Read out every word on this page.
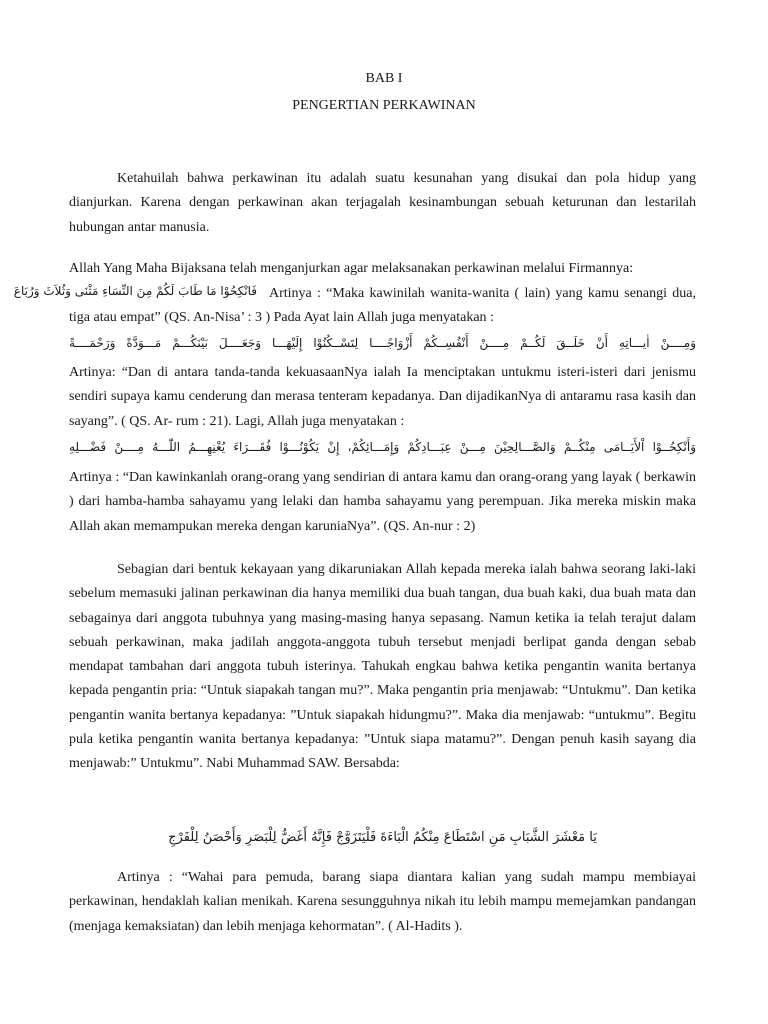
BAB I
PENGERTIAN PERKAWINAN
Ketahuilah bahwa perkawinan itu adalah suatu kesunahan yang disukai dan pola hidup yang dianjurkan. Karena dengan perkawinan akan terjagalah kesinambungan sebuah keturunan dan lestarilah hubungan antar manusia.
Allah Yang Maha Bijaksana telah menganjurkan agar melaksanakan perkawinan melalui Firmannya:
Artinya : “Maka kawinilah wanita-wanita ( lain) yang kamu senangi dua, tiga atau empat” (QS. An-Nisa’ : 3 ) Pada Ayat lain Allah juga menyatakan :
فَانْكِحُوْا مَا طَابَ لَكُمْ مِنَ النِّسَاءِ مَثْنَى وَثُلاَثَ وَرُبَاعَ
وَمِــــنْ اٰيـــاتِهِ أَنْ خَلَــقَ لَكُــمْ مِــــنْ أَنْفُسِــكُمْ أَزْوَاجًــــا لِتَسْــكُنُوْا إِلَيْهَـــا وَجَعَــــلَ بَيْنَكُـــمْ مَـــوَدَّةً وَرَحْمَــــةً
Artinya: “Dan di antara tanda-tanda kekuasaanNya ialah Ia menciptakan untukmu isteri-isteri dari jenismu sendiri supaya kamu cenderung dan merasa tenteram kepadanya. Dan dijadikanNya di antaramu rasa kasih dan sayang”. ( QS. Ar- rum : 21). Lagi, Allah juga menyatakan :
وَأَنْكِحُــوْا اْلأَيَــامَى مِنْكُــمْ وَالصَّـــالِحِيْنَ مِـــنْ عِبَـــادِكُمْ وَإِمَـــائِكُمْ، إِنْ يَكُوْنُـــوْا فُقَـــرَاءَ يُغْنِهِـــمُ اللّٰـــهُ مِــــنْ فَضْـــلِهِ
Artinya : “Dan kawinkanlah orang-orang yang sendirian di antara kamu dan orang-orang yang layak ( berkawin ) dari hamba-hamba sahayamu yang lelaki dan hamba sahayamu yang perempuan. Jika mereka miskin maka Allah akan memampukan mereka dengan karuniaNya”. (QS. An-nur : 2)
Sebagian dari bentuk kekayaan yang dikaruniakan Allah kepada mereka ialah bahwa seorang laki-laki sebelum memasuki jalinan perkawinan dia hanya memiliki dua buah tangan, dua buah kaki, dua buah mata dan sebagainya dari anggota tubuhnya yang masing-masing hanya sepasang. Namun ketika ia telah terajut dalam sebuah perkawinan, maka jadilah anggota-anggota tubuh tersebut menjadi berlipat ganda dengan sebab mendapat tambahan dari anggota tubuh isterinya. Tahukah engkau bahwa ketika pengantin wanita bertanya kepada pengantin pria: “Untuk siapakah tangan mu?”. Maka pengantin pria menjawab: “Untukmu”. Dan ketika pengantin wanita bertanya kepadanya: ”Untuk siapakah hidungmu?”. Maka dia menjawab: “untukmu”. Begitu pula ketika pengantin wanita bertanya kepadanya: ”Untuk siapa matamu?”. Dengan penuh kasih sayang dia menjawab:” Untukmu”. Nabi Muhammad SAW. Bersabda:
يَا مَعْشَرَ الشَّبَابِ مَنِ اسْتَطَاعَ مِنْكُمُ الْبَاءَةَ فَلْيَتَزَوَّجْ فَإِنَّهُ أَغَضُّ لِلْبَصَرِ وَأَحْصَنُ لِلْفَرْجِ
Artinya : “Wahai para pemuda, barang siapa diantara kalian yang sudah mampu membiayai perkawinan, hendaklah kalian menikah. Karena sesungguhnya nikah itu lebih mampu memejamkan pandangan (menjaga kemaksiatan) dan lebih menjaga kehormatan”. ( Al-Hadits ).
